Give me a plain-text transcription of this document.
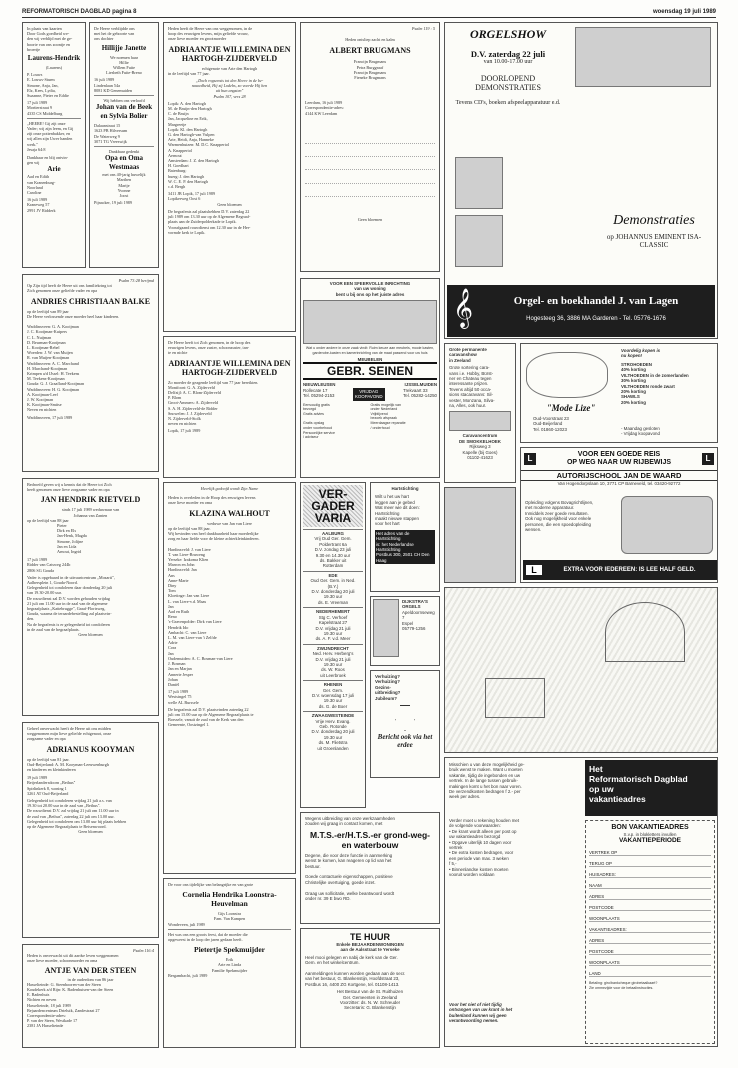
REFORMATORISCH DAGBLAD pagina 8	woensdag 19 juli 1989
In plaats van kaarten
Door Gods goedheid we-
den wij verblijd met de ge-
boorte van ons zoontje en
broertje
Laurens-Hendrik
(Laurens)
P. Louws
E. Louws-Sturm
Simone, Anja, Jan,
Elz, Kees, Lydia,
Suzanne, Pieter en Eddie
17 juli 1989
Mortierstraat 9
4335 CS Middelburg
„HEERE! Gij zijt onze
Vader; wij zijn leem, en Gij
zijt onze pottenbakker, en
wij allen zijn Uwer handen
werk."
Jesaja 64:8
Dankbaar en blij ontvin-
gen wij
Arie
Aad en Edith
van Kranenburg-
Noorland
Caroline
16 juli 1989
Kraneweg 57
2991 JV Ridderk
De Heere verblijdde ons
met het de geboorte van
ons dochter
Hillijje Janette
We noemen haar
Hillie
Willem Fuite
Liesbeth Fuite-Breno
16 juli 1989
Lindenlaan 54a
8081 KD Genemuiden
Wij hebben ons verloofd
Johan van de Beek en Sylvia Bolier
Dalaanstraat 15
1623 PB Hilversum
De Waterweg 9
3071 TG Vreeswijk
Dankbaar gedenkt
Opa en Oma Westmaas
met ons 40-jarig huwelijk
Marthen
Marije
Yvonne
Joost
Pijnacker, 19 juli 1989
Heden heeft de Heere van ons weggenomen, in de
hoop des eeuwigen levens, mijn geliefde vrouw,
onze lieve moeder en grootmoeder
ADRIAANTJE WILLEMINA DEN HARTOGH-ZIJDERVELD
echtgenote van Arie den Hartogh
in de leeftijd van 77 jaar.
„Doch rogsensis tot den Heere in de be-
nauwdheid, Hij zij Lodebs, zo voerde Hij hen
uit hun angsten"
Psalm 107, vers 28
Lopik: A. den Hartogh
M. de Bruijn-den Hartogh
C. de Bruijn
Jan, Jacqueline en Erik,
Margreetje
Lopik: Kl. den Hartogh
G. den Hartogh-van Vulpen
Arie, Heidi, Anja, Hanneke
Warmenhuizen: M. D.C. Knapperiol
A. Knapperiol
Aernout
Amsterdam: J. Z. den Hartogh
H. Goedhart
Batenburg:
buerg: J. den Hartogh
W. C. E. P. den Hartogh
c.d. Bergh
3411 JB Lopik, 17 juli 1989
Lopikerweg Oost 6
Geen bloemen
De begrafenis zal plaatshebben D.V. zaterdag 22
juli 1989 om 13.30 uur op de Algemene Begraaf-
plaats aan de Zuiderpolderkade te Lopik.
Voorafgaand rouwdienst om 12.30 uur in de Her-
vormde kerk te Lopik.
Psalm 119 : 5
Heden ontsliep zacht en kalm
ALBERT BRUGMANS
Francijn Brugmans
Petra Burggraaf
Francijn Brugmans
Fieneke Brugmans
Leerdam, 16 juli 1989
Correspondentie-adres:
4144 KW Leerdam

Geen bloemen
ORGELSHOW
D.V. zaterdag 22 juli
van 10.00-17.00 uur
DOORLOPEND DEMONSTRATIES
Tevens CD's, boeken afspeelapparatuur e.d.
Demonstraties
op JOHANNUS EMINENT ISA-CLASSIC
𝄞	Orgel- en boekhandel J. van Lagen
Hogesteeg 36, 3886 MA Garderen - Tel. 05776-1676
Psalm 73:28 berijmd
Op Zijn tijd heeft de Heere uit ons familiekring tot
Zich genomen onze geliefde vader en opa
ANDRIES CHRISTIAAN BALKE
op de leeftijd van 89 jaar
De Heere verlossende onze moeder heel haar kinderen.

Waddinxveen: G. A. Kooijman
J. C. Kooijman-Kuipers
C. L. Nuijman
D. Beurman-Kooijman
L. Kooijman-Rebel
Woerden: J. W. van Muijen
R. van Muijen-Kooijman
Waddinxveen: A. C. Marchand
H. Marchand-Kooijman
Krimpen a/d IJssel: H. Teekens
M. Teekens-Kooijman
Gouda: G. J. Graafland-Kooijman
Waddinxveen: H. G. Kooijman
A. Kooijman-Leef
J. W. Kooijman
K. Kooijman-Smitse
Neven en nichten
Waddinxveen, 17 juli 1989
De Heere heeft tot Zich genomen, in de hoop des
eeuwigen levens, onze zuster, schoonzuster, tan-
te en nichte
ADRIAANTJE WILLEMINA DEN HARTOGH-ZIJDERVELD
Zo moeder de geagende leeftijd van 77 jaar bereikten.
Montfoort: G. A. Zijderveld
Delfzijl: A. C. Blom-Zijderveld
P. Blom
Groot-Ammers: A. Zijderveld
S. A. H. Zijderveld-de Ridder
Snowelen: J. J. Zijderveld
N. Zijderveld-Stolk
neven en nichten
Lopik, 17 juli 1989
VOOR EEN SFEERVOLLE INRICHTING
van uw woning
bent u bij ons op het juiste adres
Wat u onder andere in onze zaak vindt: Ruim keuze aan meubels, mooie kasten,
garderobe-kasten en kamerinrichting van de maat passend voor uw huis
MEUBELEN
GEBR. SEINEN
NIEUWLEUSEN	IJSSELMUIDEN
Rollecate 17
Tel. 05294-2153
VRIJDAG
KOOPAVOND
Trekvaart 33
Tel. 05282-14250
Eenvoudig gratis
bezorgd
Gratis mogelijk van
onder Nederland
Gratis advies	Vrijblijvend
bezoek afspraak
Gratis opslag
onder voorbehoud
Meerdaagse reparatie
/ onderhoud
Persoonlijke service
/ adviseur
Grote permanente
caravanshow
in Zeeland
Grote sortering cara-
vans i.e. Hobby, Bürst-
ner en Chateau tegen
interessante prijzen.
Tevens altijd 50 occa-
sions stacaravans: Sil-
vester, Monzana, Silva-
na, Alles, ook huur.
Caravancentrum
DE SMOKKELHOEK
Rijksweg 3
Kapelle (bij Goes)
01102-41623
"Mode Lize"
Oud-Voorstraat 23
Oud-Beijerland
Tel. 01860-12023
Voordelig kopen is
nu kopen!
STROHOEDEN
40% korting
VILTHOEDEN in de zomerlanden
30% korting
VILTHOEDEN ronde zwart
20% korting
SHAWLS
20% korting
- Maandag gesloten
- Vrijdag koopavond
L	VOOR EEN GOEDE REIS
OP WEG NAAR UW RIJBEWIJS	L
AUTORIJSCHOOL JAN DE WAARD
Van Hogendorpslaan 10, 3771 CP Barneveld, tel. 03420-92772
Opleiding volgens Bovagrichtlijnen,
met moderne apparatuur.
Inmiddels zeer goede resultaten.
Ook nog mogelijkheid voor enkele
personen, die een spoedopleiding
wensen.
L	EXTRA VOOR IEDEREEN: IS LEE HALF GELD.
Bedroefd geven wij u kennis dat de Heere tot Zich
heeft genomen onze lieve zorgzame vader en opa
JAN HENDRIK RIETVELD
sinds 17 juli 1989 weduwnaar van
Johanna van Zanten
op de leeftijd van 88 jaar
Pieter
Dirk en Els
Jan-Henk, Magda
Simone, Jolijne
Jan en Lida
Arnout, Ingrid
17 juli 1989
Ridder van Catsweg 244b
2806 SG Gouda
Vader is opgebaard in de uitvaartcentrum „Mozarti",
Aalbersplein 1, Gouda-Noord.
Gelegenheid tot condoleren daar donderdag 20 juli
van 19.30-20.00 uur.
De rouwdienst zal D.V. worden gehouden vrijdag
21 juli om 11.00 uur in de zaal van de algemene
begraafplaats „Kattebrugge", Graaf-Florisweg,
Gouda, waarna de teraardebestelling zal plaatsvin-
den.
Na de begrafenis is er gelegenheid tot condoleren
in de zaal van de begraafplaats.
Geen bloemen
Heerlijk gedoofd wordt Zijn Name
Heden is overleden in de Hoop des eeuwigen levens
onze lieve moeder en oma
KLAZINA WALHOUT
weduwe van Jan van Liere
op de leeftijd van 88 jaar.
Wij bevinden van heel dankbaarheid haar moederlijke
zorg en haar liefde voor de kleine achterkleinkinderen.

Hardinxveld: J. van Liere
T. van Liere-Bruweng
Yerseke: Izakoma Klien
Marron en John
Hardinxveld: Jan
Ans
Anne-Marie
Diny
Tom
Kloetinge: Jan van Liere
L. van Liere-v.d. Maas
Jan
Aad en Ruth
Reno
's-Gravenpolder: Dirk van Liere
Hendrik Ido
Ambacht: C. van Liere
L. M. van Liere-van 't Zelfde
Adrie
Cora
Jan
Oudemuiden: A. C. Bosman-van Liere
J. Bosman
Jan en Marjan
Annerie Jesper
Johan
Daniël
17 juli 1989
Westsingel 75
welle AL Burssele
De begrafenis zal D.V. plaatsvinden zaterdag 22
juli om 15.00 uur op de Algemene Begraafplaats te
Borssele, vanuit de zaal van de Kerk van den
Gemeente, Oostzingel 1.
VER- GADER VARIA
AALBURG
Vrij Oud Ger. Gem.
Poldertrant 6a
D.V. zondag 23 juli
9.30 en 14.30 uur
ds. Bakker uit
Rotterdam
EDE
Oud Ger. Gem. in Ned.
(B.Y.)
D.V. donderdag 20 juli
19.30 uur
ds. E. Vreeman
NEDERHEMERT
Stg C. Verhoef
Kapelstraat 27
D.V. vrijdag 21 juli
19.30 uur
ds. A. F. v.d. Meer
ZWIJNDRECHT
Ned. Herv. Herberg's
D.V. vrijdag 21 juli
19.30 uur
ds. W. Roos
uit Leerbroek
RHENEN
Ger. Gem.
D.V. woensdag 17 juli
19.30 uur
ds. G. de Boer
ZWAAGWESTEINDE
Vrije Herv. Evang.
Geb. Rotonde
D.V. donderdag 20 juli
19.30 uur
ds. M. Flietstra
uit Groenlanden
Hartstichting
Wilt u het uw hart
leggen aan je gebed
Wat meer wie dit doen: Hartstichting
maakt nieuwe stappen
voor het hart
Het adres van de Hartstichting
is: het Nederlandse Hartstichting
Postbus 300, 2501 CH Den Haag
DIJKSTRA'S
ORGELS
Apeldoornseweg 7
Espel
05779-1256
Verhuizing?
Verhuizing?
Gezins-
uitbreiding?
Jubileum?
Bericht ook via het erdee
Geheel onverwacht heeft de Heere uit ons midden
weggenomen mijn lieve geliefde echtgenoot, onze
zorgzame vader en opa
ADRIANUS KOOYMAN
op de leeftijd van 81 jaar.
Oud-Beijerland: A. M. Kooyman-Leeuwenburgh
en kinderen en kleinkinderen
19 juli 1989
Beijerlandersdoorn „Bethus"
Spirlinkerk 8, woning 1
3261 AT Oud-Beijerland
Gelegenheid tot condoleren vrijdag 21 juli a.s. van
19.30 tot 20.00 uur in de zaal van „Bethus".
De rouwdienst D.V. zal vrijdag 21 juli om 11.00 uur in
de zaal van „Bethus", zaterdag 22 juli om 13.00 uur.
Gelegenheid tot condoleren om 13.00 uur bij plaats hebben
op de Algemene Begraafplaats te Beisenwoord.
Geen bloemen
Wegens uitbreiding van onze werkzaamheden
zouden wij graag in contact komen, met
M.T.S.-er/H.T.S.-er grond-weg- en waterbouw
Degene, die voor deze functie in aanmerking
wenst te komen, kan reageren op lid van het
bestuur.

Goede contactuele eigenschappen, positieve
Christelijke overtuiging, goede inzet.

Graag uw sollicitatie, welke beantwoord wordt
onder nr. 39 E bwo RD.
Het
Reformatorisch Dagblad
op uw
vakantieadres
Misschien u van deze mogelijkheid ge-
bruik wenst te maken. Want u moeten
vakantie, tijdig de ingebonden en uw
vertrek. In de lange tussen gebruik-
makingen komt u het bon naar voren.
De verzendkosten bedragen f 2.- per
week per adres.
Verder moet u rekening houden met
de volgende voorwaarden:
• De krant wordt alleen per post op
uw vakantieadres bezorgd
• Opgave uiterlijk 10 dagen voor
vertrek
• De extra kosten bedragen, voor
een periode van max. 3 weken
f 5,-
• Binnenlandse kosten moeten
vooruit worden voldaan
Voor het niet of niet tijdig
ontvangen van uw krant in het
buitenland kunnen wij geen
verantwoording nemen.
BON VAKANTIEADRES
S.v.p. in blokletters invullen
VAKANTIEPERIODE
VERTREK OP
TERUG OP
HUISADRES:
NAAM
ADRES
POSTCODE
WOONPLAATS
VAKANTIEADRES:
ADRES
POSTCODE
WOONPLAATS
LAND
Betaling: giro/bankcheque girobetaalkaart?
Zie ommezijde voor de betaalinstructies.
Psalm 116:4
Heden is onverwacht uit dit aardse leven weggenomen
onze lieve moeder, schoonmoeder en oma
ANTJE VAN DER STEEN
in de ouderdom van 86 jaar
Hasselteinde: G. Steenbooren-van der Steen
Koudekerk a/d Rijn: K. Badenhuisen-van der Steen
E. Badenhuis
Nichten en neven
Hasselteinde, 18 juli 1989
Bejaardencentrum Drieluik, Zandestraat 27
Correspondentie-adres:
P. van der Steen, Westkade 17
2381 JA Hasselteinde
De voor ons tijdelijke van belangrijke en van grote
Cornelia Hendrika Loonstra-Heuvelman
Gijs Loonstra
Fam. Van Kampen
Wondeveen, juli 1989
Het was ons een groots feest, dat de moeder die
opgeweest in de loop der jaren gedaan heeft.
Pietertje Spekmuijder
Erik
Arie en Linda
Familie Spekmuijder
Bergambacht, juli 1989
TE HUUR
Enkele BEJAARDENWONINGEN
aan de Aalsstraat te Yerseke
Heel mooi gelegen en nabij de kerk van de Ger.
Gem. en het winkelcentrum.

Aanmeldingen kunnen worden gedaan aan de secr.
van het bestuur, G. Blankenstijn, Hoofdstraat 23,
Postbus 16, 4400 ZG Kortgene, tel. 01108-1413.
Het Bestuur van de St. Ruithuizen
Ger. Gemeenten in Zeeland
Voorzitter: ds. N. W. Schreuder
Secretaris: G. Blankenstijn
